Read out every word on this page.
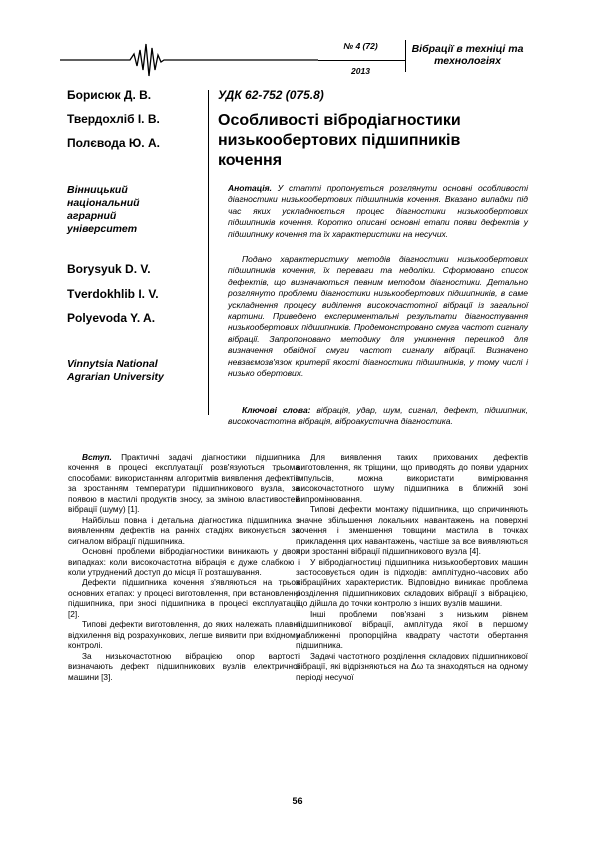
№ 4 (72)
2013
Вібрації в техніці та технологіях
Борисюк Д. В.
Твердохліб І. В.
Полєвода Ю. А.
Вінницький національний аграрний університет
Borysyuk D. V.
Tverdokhlib I. V.
Polyevoda Y. A.
Vinnytsia National Agrarian University
УДК 62-752 (075.8)
Особливості вібродіагностики низькообертових підшипників кочення
Анотація. У статті пропонується розглянути основні особливості діагностики низькообертових підшипників кочення. Вказано випадки під час яких ускладнюється процес діагностики низькообертових підшипників кочення. Коротко описані основні етапи появи дефектів у підшипнику кочення та їх характеристики на несучих.
Подано характеристику методів діагностики низькообертових підшипників кочення, їх переваги та недоліки. Сформовано список дефектів, що визначаються певним методом діагностики. Детально розглянуто проблеми діагностики низькообертових підшипників, в саме ускладнення процесу виділення високочастотної вібрації із загальної картини. Приведено експериментальні результати діагностування низькообертових підшипників. Продемонстровано смуга частот сигналу вібрації. Запропоновано методику для уникнення перешкод для визначення обвідної смуги частот сигналу вібрації. Визначено невзаємозв'язок критерії якості діагностики підшипників, у тому числі і низько обертових.
Ключові слова: вібрація, удар, шум, сигнал, дефект, підшипник, високочастотна вібрація, віброакустична діагностика.

Вступ. Практичні задачі діагностики підшипника кочення в процесі експлуатації розв'язуються трьома способами: використанням алгоритмів виявлення дефектів за зростанням температури підшипникового вузла, за появою в мастилі продуктів зносу, за зміною властивостей вібрації (шуму) [1].

Найбільш повна і детальна діагностика підшипника з виявленням дефектів на ранніх стадіях виконується за сигналом вібрації підшипника.

Основні проблеми вібродіагностики виникають у двох випадках: коли високочастотна вібрація є дуже слабкою і коли утруднений доступ до місця її розташування.

Дефекти підшипника кочення з'являються на трьох основних етапах: у процесі виготовлення, при встановленні підшипника, при зносі підшипника в процесі експлуатації [2].

Типові дефекти виготовлення, до яких належать плавні відхилення від розрахункових, легше виявити при вхідному контролі.

За низькочастотною вібрацією опор вартості визначають дефект підшипникових вузлів електричної машини [3].

Для виявлення таких прихованих дефектів виготовлення, як тріщини, що приводять до появи ударних імпульсів, можна використати вимірювання високочастотного шуму підшипника в ближній зоні випромінювання.

Типові дефекти монтажу підшипника, що спричиняють значне збільшення локальних навантажень на поверхні кочення і зменшення товщини мастила в точках прикладення цих навантажень, частіше за все виявляються при зростанні вібрації підшипникового вузла [4].

У вібродіагностиці підшипника низькообертових машин застосовується один із підходів: амплітудно-часових або вібраційних характеристик. Відповідно виникає проблема розділення підшипникових складових вібрації з вібрацією, що дійшла до точки контролю з інших вузлів машини.

Інші проблеми пов'язані з низьким рівнем підшипникової вібрації, амплітуда якої в першому наближенні пропорційна квадрату частоти обертання підшипника.

Задачі частотного розділення складових підшипникової вібрації, які відрізняються на Δω та знаходяться на одному періоді несучої

56
